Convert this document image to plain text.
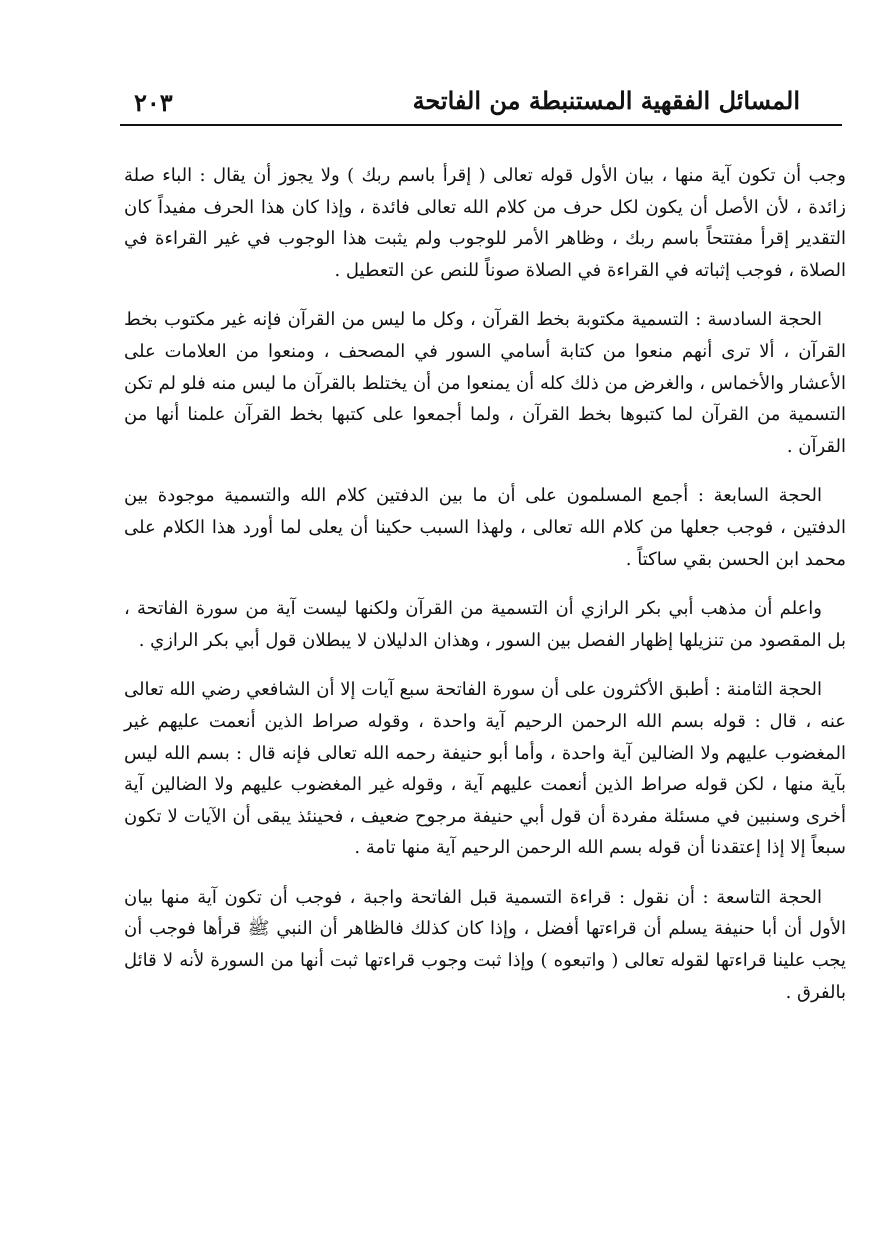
المسائل الفقهية المستنبطة من الفاتحة
٢٠٣

وجب أن تكون آية منها ، بيان الأول قوله تعالى ( إقرأ باسم ربك ) ولا يجوز أن يقال : الباء صلة زائدة ، لأن الأصل أن يكون لكل حرف من كلام الله تعالى فائدة ، وإذا كان هذا الحرف مفيداً كان التقدير إقرأ مفتتحاً باسم ربك ، وظاهر الأمر للوجوب ولم يثبت هذا الوجوب في غير القراءة في الصلاة ، فوجب إثباته في القراءة في الصلاة صوناً للنص عن التعطيل .

الحجة السادسة : التسمية مكتوبة بخط القرآن ، وكل ما ليس من القرآن فإنه غير مكتوب بخط القرآن ، ألا ترى أنهم منعوا من كتابة أسامي السور في المصحف ، ومنعوا من العلامات على الأعشار والأخماس ، والغرض من ذلك كله أن يمنعوا من أن يختلط بالقرآن ما ليس منه فلو لم تكن التسمية من القرآن لما كتبوها بخط القرآن ، ولما أجمعوا على كتبها بخط القرآن علمنا أنها من القرآن .

الحجة السابعة : أجمع المسلمون على أن ما بين الدفتين كلام الله والتسمية موجودة بين الدفتين ، فوجب جعلها من كلام الله تعالى ، ولهذا السبب حكينا أن يعلى لما أورد هذا الكلام على محمد ابن الحسن بقي ساكتاً .

واعلم أن مذهب أبي بكر الرازي أن التسمية من القرآن ولكنها ليست آية من سورة الفاتحة ، بل المقصود من تنزيلها إظهار الفصل بين السور ، وهذان الدليلان لا يبطلان قول أبي بكر الرازي .

الحجة الثامنة : أطبق الأكثرون على أن سورة الفاتحة سبع آيات إلا أن الشافعي رضي الله تعالى عنه ، قال : قوله بسم الله الرحمن الرحيم آية واحدة ، وقوله صراط الذين أنعمت عليهم غير المغضوب عليهم ولا الضالين آية واحدة ، وأما أبو حنيفة رحمه الله تعالى فإنه قال : بسم الله ليس بآية منها ، لكن قوله صراط الذين أنعمت عليهم آية ، وقوله غير المغضوب عليهم ولا الضالين آية أخرى وسنبين في مسئلة مفردة أن قول أبي حنيفة مرجوح ضعيف ، فحينئذ يبقى أن الآيات لا تكون سبعاً إلا إذا إعتقدنا أن قوله بسم الله الرحمن الرحيم آية منها تامة .

الحجة التاسعة : أن نقول : قراءة التسمية قبل الفاتحة واجبة ، فوجب أن تكون آية منها بيان الأول أن أبا حنيفة يسلم أن قراءتها أفضل ، وإذا كان كذلك فالظاهر أن النبي ﷺ قرأها فوجب أن يجب علينا قراءتها لقوله تعالى ( واتبعوه ) وإذا ثبت وجوب قراءتها ثبت أنها من السورة لأنه لا قائل بالفرق .
